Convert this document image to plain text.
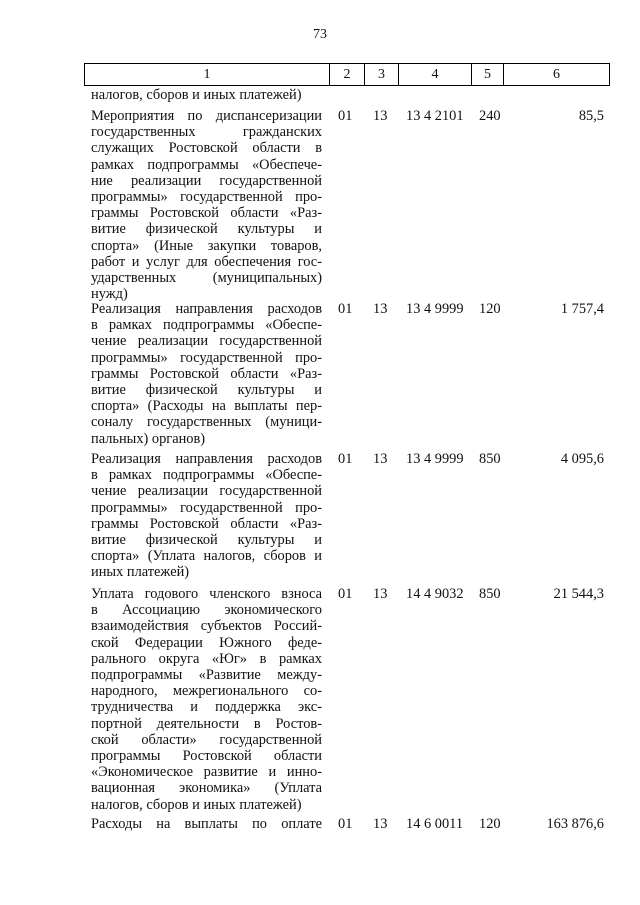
73
1	2	3	4	5	6
налогов, сборов и иных платежей)
Мероприятия по диспансеризации
государственных гражданских
служащих Ростовской области в
рамках подпрограммы «Обеспече-
ние реализации государственной
программы» государственной про-
граммы Ростовской области «Раз-
витие физической культуры и
спорта» (Иные закупки товаров,
работ и услуг для обеспечения гос-
ударственных (муниципальных)
нужд)
01	13	13 4 2101	240	85,5
Реализация направления расходов
в рамках подпрограммы «Обеспе-
чение реализации государственной
программы» государственной про-
граммы Ростовской области «Раз-
витие физической культуры и
спорта» (Расходы на выплаты пер-
соналу государственных (муници-
пальных) органов)
01	13	13 4 9999	120	1 757,4
Реализация направления расходов
в рамках подпрограммы «Обеспе-
чение реализации государственной
программы» государственной про-
граммы Ростовской области «Раз-
витие физической культуры и
спорта» (Уплата налогов, сборов и
иных платежей)
01	13	13 4 9999	850	4 095,6
Уплата годового членского взноса
в Ассоциацию экономического
взаимодействия субъектов Россий-
ской Федерации Южного феде-
рального округа «Юг» в рамках
подпрограммы «Развитие между-
народного, межрегионального со-
трудничества и поддержка экс-
портной деятельности в Ростов-
ской области» государственной
программы Ростовской области
«Экономическое развитие и инно-
вационная экономика» (Уплата
налогов, сборов и иных платежей)
01	13	14 4 9032	850	21 544,3
Расходы на выплаты по оплате 01	13	14 6 0011	120	163 876,6
